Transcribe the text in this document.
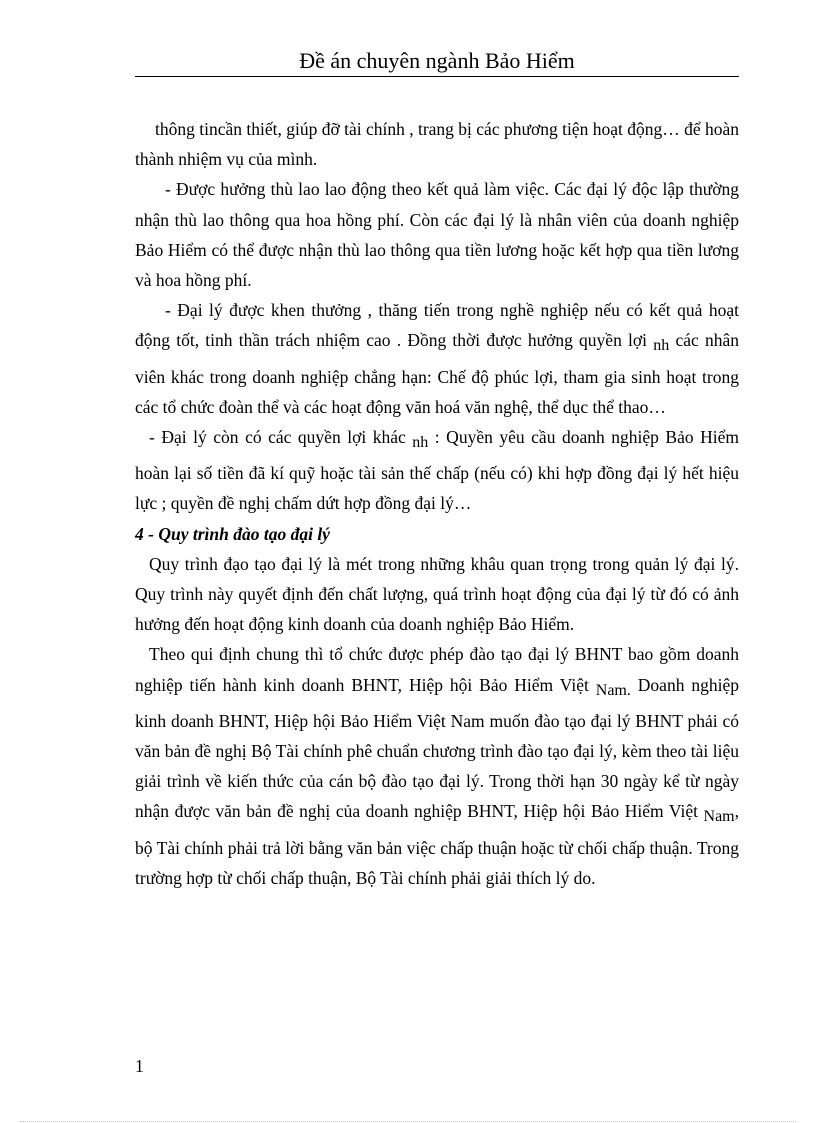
Đề án chuyên ngành Bảo Hiểm

thông tincần thiết, giúp đỡ tài chính , trang bị các phương tiện hoạt động… để hoàn thành nhiệm vụ của mình.

- Được hưởng thù lao lao động theo kết quả làm việc. Các đại lý độc lập thường nhận thù lao thông qua hoa hồng phí. Còn các đại lý là nhân viên của doanh nghiệp Bảo Hiểm có thể được nhận thù lao thông qua tiền lương hoặc kết hợp qua tiền lương và hoa hồng phí.

- Đại lý được khen thưởng , thăng tiến trong nghề nghiệp nếu có kết quả hoạt động tốt, tinh thần trách nhiệm cao . Đồng thời được hưởng quyền lợi nh các nhân viên khác trong doanh nghiệp chẳng hạn: Chế độ phúc lợi, tham gia sinh hoạt trong các tổ chức đoàn thể và các hoạt động văn hoá văn nghệ, thể dục thể thao…

- Đại lý còn có các quyền lợi khác nh : Quyền yêu cầu doanh nghiệp Bảo Hiểm hoàn lại số tiền đã kí quỹ hoặc tài sản thế chấp (nếu có) khi hợp đồng đại lý hết hiệu lực ; quyền đề nghị chấm dứt hợp đồng đại lý…

4 - Quy trình đào tạo đại lý

Quy trình đạo tạo đại lý là mét trong những khâu quan trọng trong quản lý đại lý. Quy trình này quyết định đến chất lượng, quá trình hoạt động của đại lý từ đó có ảnh hưởng đến hoạt động kinh doanh của doanh nghiệp Bảo Hiểm.

Theo qui định chung thì tổ chức được phép đào tạo đại lý BHNT bao gồm doanh nghiệp tiến hành kinh doanh BHNT, Hiệp hội Bảo Hiểm Việt Nam. Doanh nghiệp kinh doanh BHNT, Hiệp hội Bảo Hiểm Việt Nam muốn đào tạo đại lý BHNT phải có văn bản đề nghị Bộ Tài chính phê chuẩn chương trình đào tạo đại lý, kèm theo tài liệu giải trình về kiến thức của cán bộ đào tạo đại lý. Trong thời hạn 30 ngày kể từ ngày nhận được văn bản đề nghị của doanh nghiệp BHNT, Hiệp hội Bảo Hiểm Việt Nam, bộ Tài chính phải trả lời bằng văn bản việc chấp thuận hoặc từ chối chấp thuận. Trong trường hợp từ chối chấp thuận, Bộ Tài chính phải giải thích lý do.

1
